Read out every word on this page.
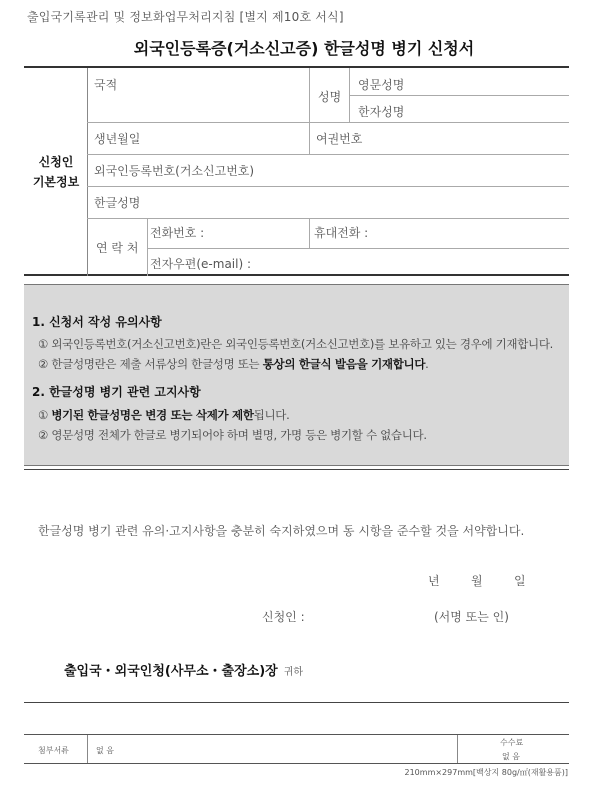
출입국기록관리 및 정보화업무처리지침 [별지 제10호 서식]
외국인등록증(거소신고증) 한글성명 병기 신청서
신청인
기본정보
국적
성명
영문성명
한자성명
생년월일	여권번호
외국인등록번호(거소신고번호)
한글성명
연 락 처
전화번호 :	휴대전화 :
전자우편(e-mail) :
1. 신청서 작성 유의사항
① 외국인등록번호(거소신고번호)란은 외국인등록번호(거소신고번호)를 보유하고 있는 경우에 기재합니다.
② 한글성명란은 제출 서류상의 한글성명 또는 통상의 한글식 발음을 기재합니다.
2. 한글성명 병기 관련 고지사항
① 병기된 한글성명은 변경 또는 삭제가 제한됩니다.
② 영문성명 전체가 한글로 병기되어야 하며 별명, 가명 등은 병기할 수 없습니다.
한글성명 병기 관련 유의·고지사항을 충분히 숙지하였으며 동 시항을 준수할 것을 서약합니다.
년	월	일
신청인 :	(서명 또는 인)
출입국・외국인청(사무소・출장소)장 귀하
첨부서류	없 음
수수료
없 음
210mm×297mm[백상지 80g/㎡(재활용품)]
